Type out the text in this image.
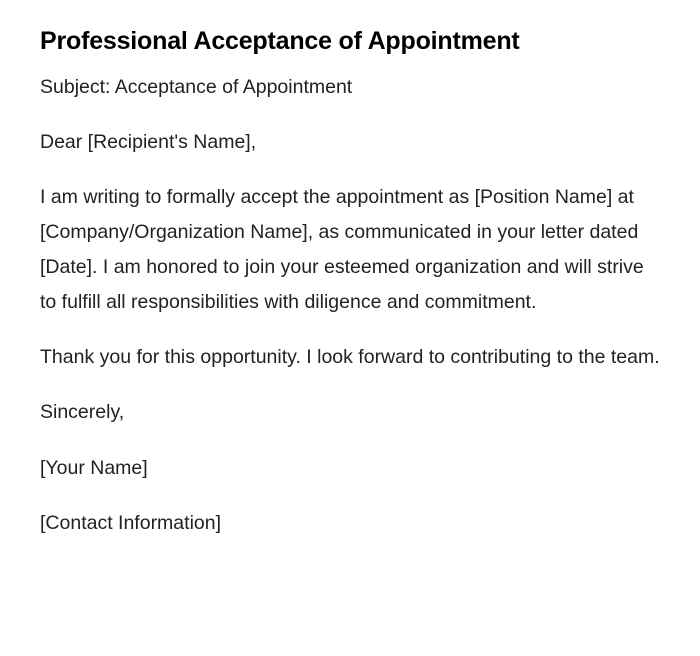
Professional Acceptance of Appointment

Subject: Acceptance of Appointment

Dear [Recipient's Name],

I am writing to formally accept the appointment as [Position Name] at [Company/Organization Name], as communicated in your letter dated [Date]. I am honored to join your esteemed organization and will strive to fulfill all responsibilities with diligence and commitment.

Thank you for this opportunity. I look forward to contributing to the team.

Sincerely,

[Your Name]

[Contact Information]
